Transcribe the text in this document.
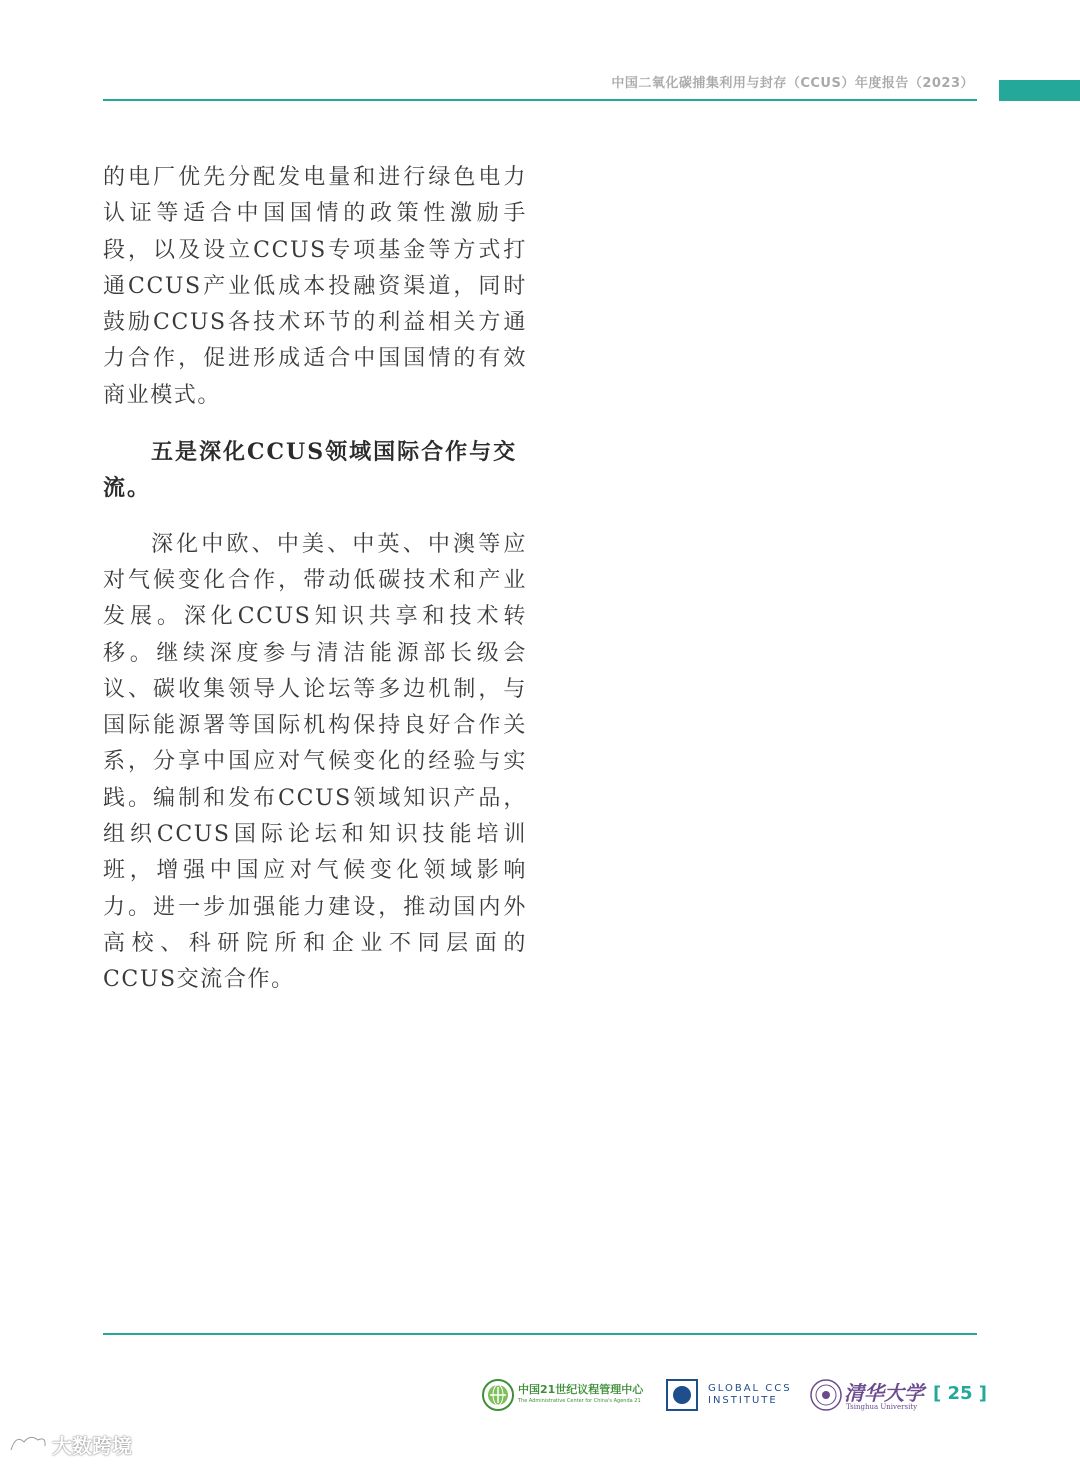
中国二氧化碳捕集利用与封存（CCUS）年度报告（2023）

的电厂优先分配发电量和进行绿色电力认证等适合中国国情的政策性激励手段，以及设立CCUS专项基金等方式打通CCUS产业低成本投融资渠道，同时鼓励CCUS各技术环节的利益相关方通力合作，促进形成适合中国国情的有效商业模式。

五是深化CCUS领域国际合作与交流。

深化中欧、中美、中英、中澳等应对气候变化合作，带动低碳技术和产业发展。深化CCUS知识共享和技术转移。继续深度参与清洁能源部长级会议、碳收集领导人论坛等多边机制，与国际能源署等国际机构保持良好合作关系，分享中国应对气候变化的经验与实践。编制和发布CCUS领域知识产品，组织CCUS国际论坛和知识技能培训班，增强中国应对气候变化领域影响力。进一步加强能力建设，推动国内外高校、科研院所和企业不同层面的CCUS交流合作。

中国21世纪议程管理中心
The Administrative Center for China's Agenda 21
GLOBAL CCS
INSTITUTE	清华大学
Tsinghua University
[ 25 ]
大数跨境
